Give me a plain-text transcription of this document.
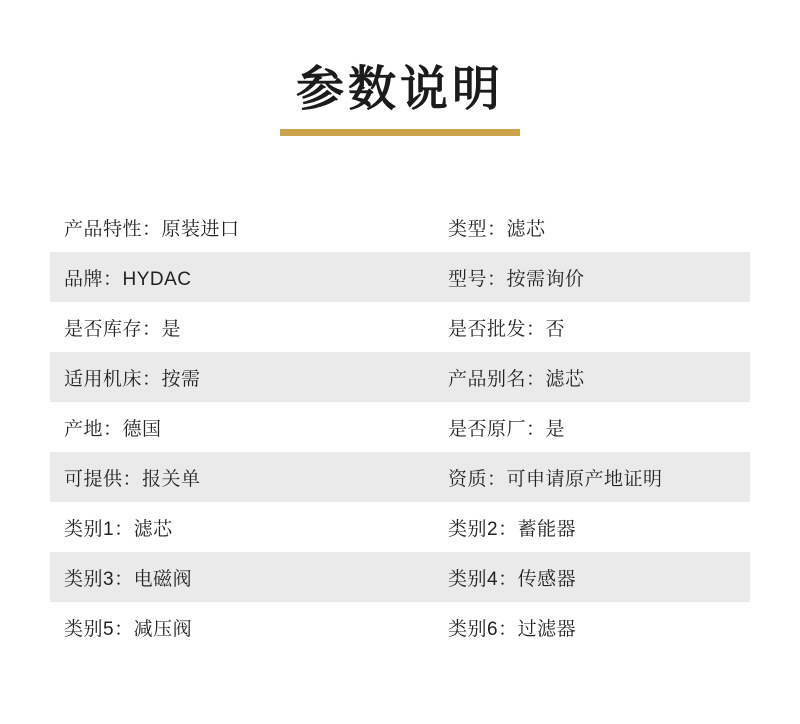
参数说明
产品特性：原装进口	类型：滤芯
品牌：HYDAC	型号：按需询价
是否库存：是	是否批发：否
适用机床：按需	产品别名：滤芯
产地：德国	是否原厂：是
可提供：报关单	资质：可申请原产地证明
类别1：滤芯	类别2：蓄能器
类别3：电磁阀	类别4：传感器
类别5：减压阀	类别6：过滤器
